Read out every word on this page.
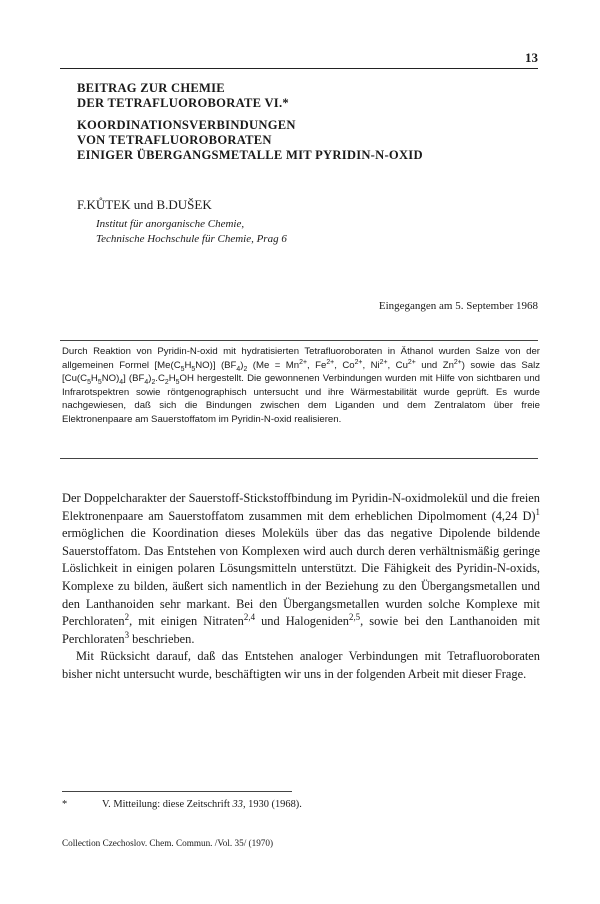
13
BEITRAG ZUR CHEMIE
DER TETRAFLUOROBORATE VI.*
KOORDINATIONSVERBINDUNGEN
VON TETRAFLUOROBORATEN
EINIGER ÜBERGANGSMETALLE MIT PYRIDIN-N-OXID
F.KŮTEK und B.DUŠEK
Institut für anorganische Chemie,
Technische Hochschule für Chemie, Prag 6
Eingegangen am 5. September 1968
Durch Reaktion von Pyridin-N-oxid mit hydratisierten Tetrafluoroboraten in Äthanol wurden Salze von der allgemeinen Formel $[Me(C_5H_5NO)]$ $(BF_4)_2$ ($Me = Mn^{2+}$, $Fe^{2+}$, $Co^{2+}$, $Ni^{2+}$, $Cu^{2+}$ und $Zn^{2+}$) sowie das Salz $[Cu(C_5H_5NO)_4]$ $(BF_4)_2.C_2H_5OH$ hergestellt. Die gewonnenen Verbindungen wurden mit Hilfe von sichtbaren und Infrarotspektren sowie röntgenographisch untersucht und ihre Wärmestabilität wurde geprüft. Es wurde nachgewiesen, daß sich die Bindungen zwischen dem Liganden und dem Zentralatom über freie Elektronenpaare am Sauerstoffatom im Pyridin-N-oxid realisieren.

Der Doppelcharakter der Sauerstoff-Stickstoffbindung im Pyridin-N-oxidmolekül und die freien Elektronenpaare am Sauerstoffatom zusammen mit dem erheblichen Dipolmoment (4,24 D)$^1$ ermöglichen die Koordination dieses Moleküls über das das negative Dipolende bildende Sauerstoffatom. Das Entstehen von Komplexen wird auch durch deren verhältnismäßig geringe Löslichkeit in einigen polaren Lösungsmitteln unterstützt. Die Fähigkeit des Pyridin-N-oxids, Komplexe zu bilden, äußert sich namentlich in der Beziehung zu den Übergangsmetallen und den Lanthanoiden sehr markant. Bei den Übergangsmetallen wurden solche Komplexe mit Perchloraten$^2$, mit einigen Nitraten$^{2,4}$ und Halogeniden$^{2,5}$, sowie bei den Lanthanoiden mit Perchloraten$^3$ beschrieben.

Mit Rücksicht darauf, daß das Entstehen analoger Verbindungen mit Tetrafluoroboraten bisher nicht untersucht wurde, beschäftigten wir uns in der folgenden Arbeit mit dieser Frage.

*	V. Mitteilung: diese Zeitschrift 33, 1930 (1968).
Collection Czechoslov. Chem. Commun. /Vol. 35/ (1970)
